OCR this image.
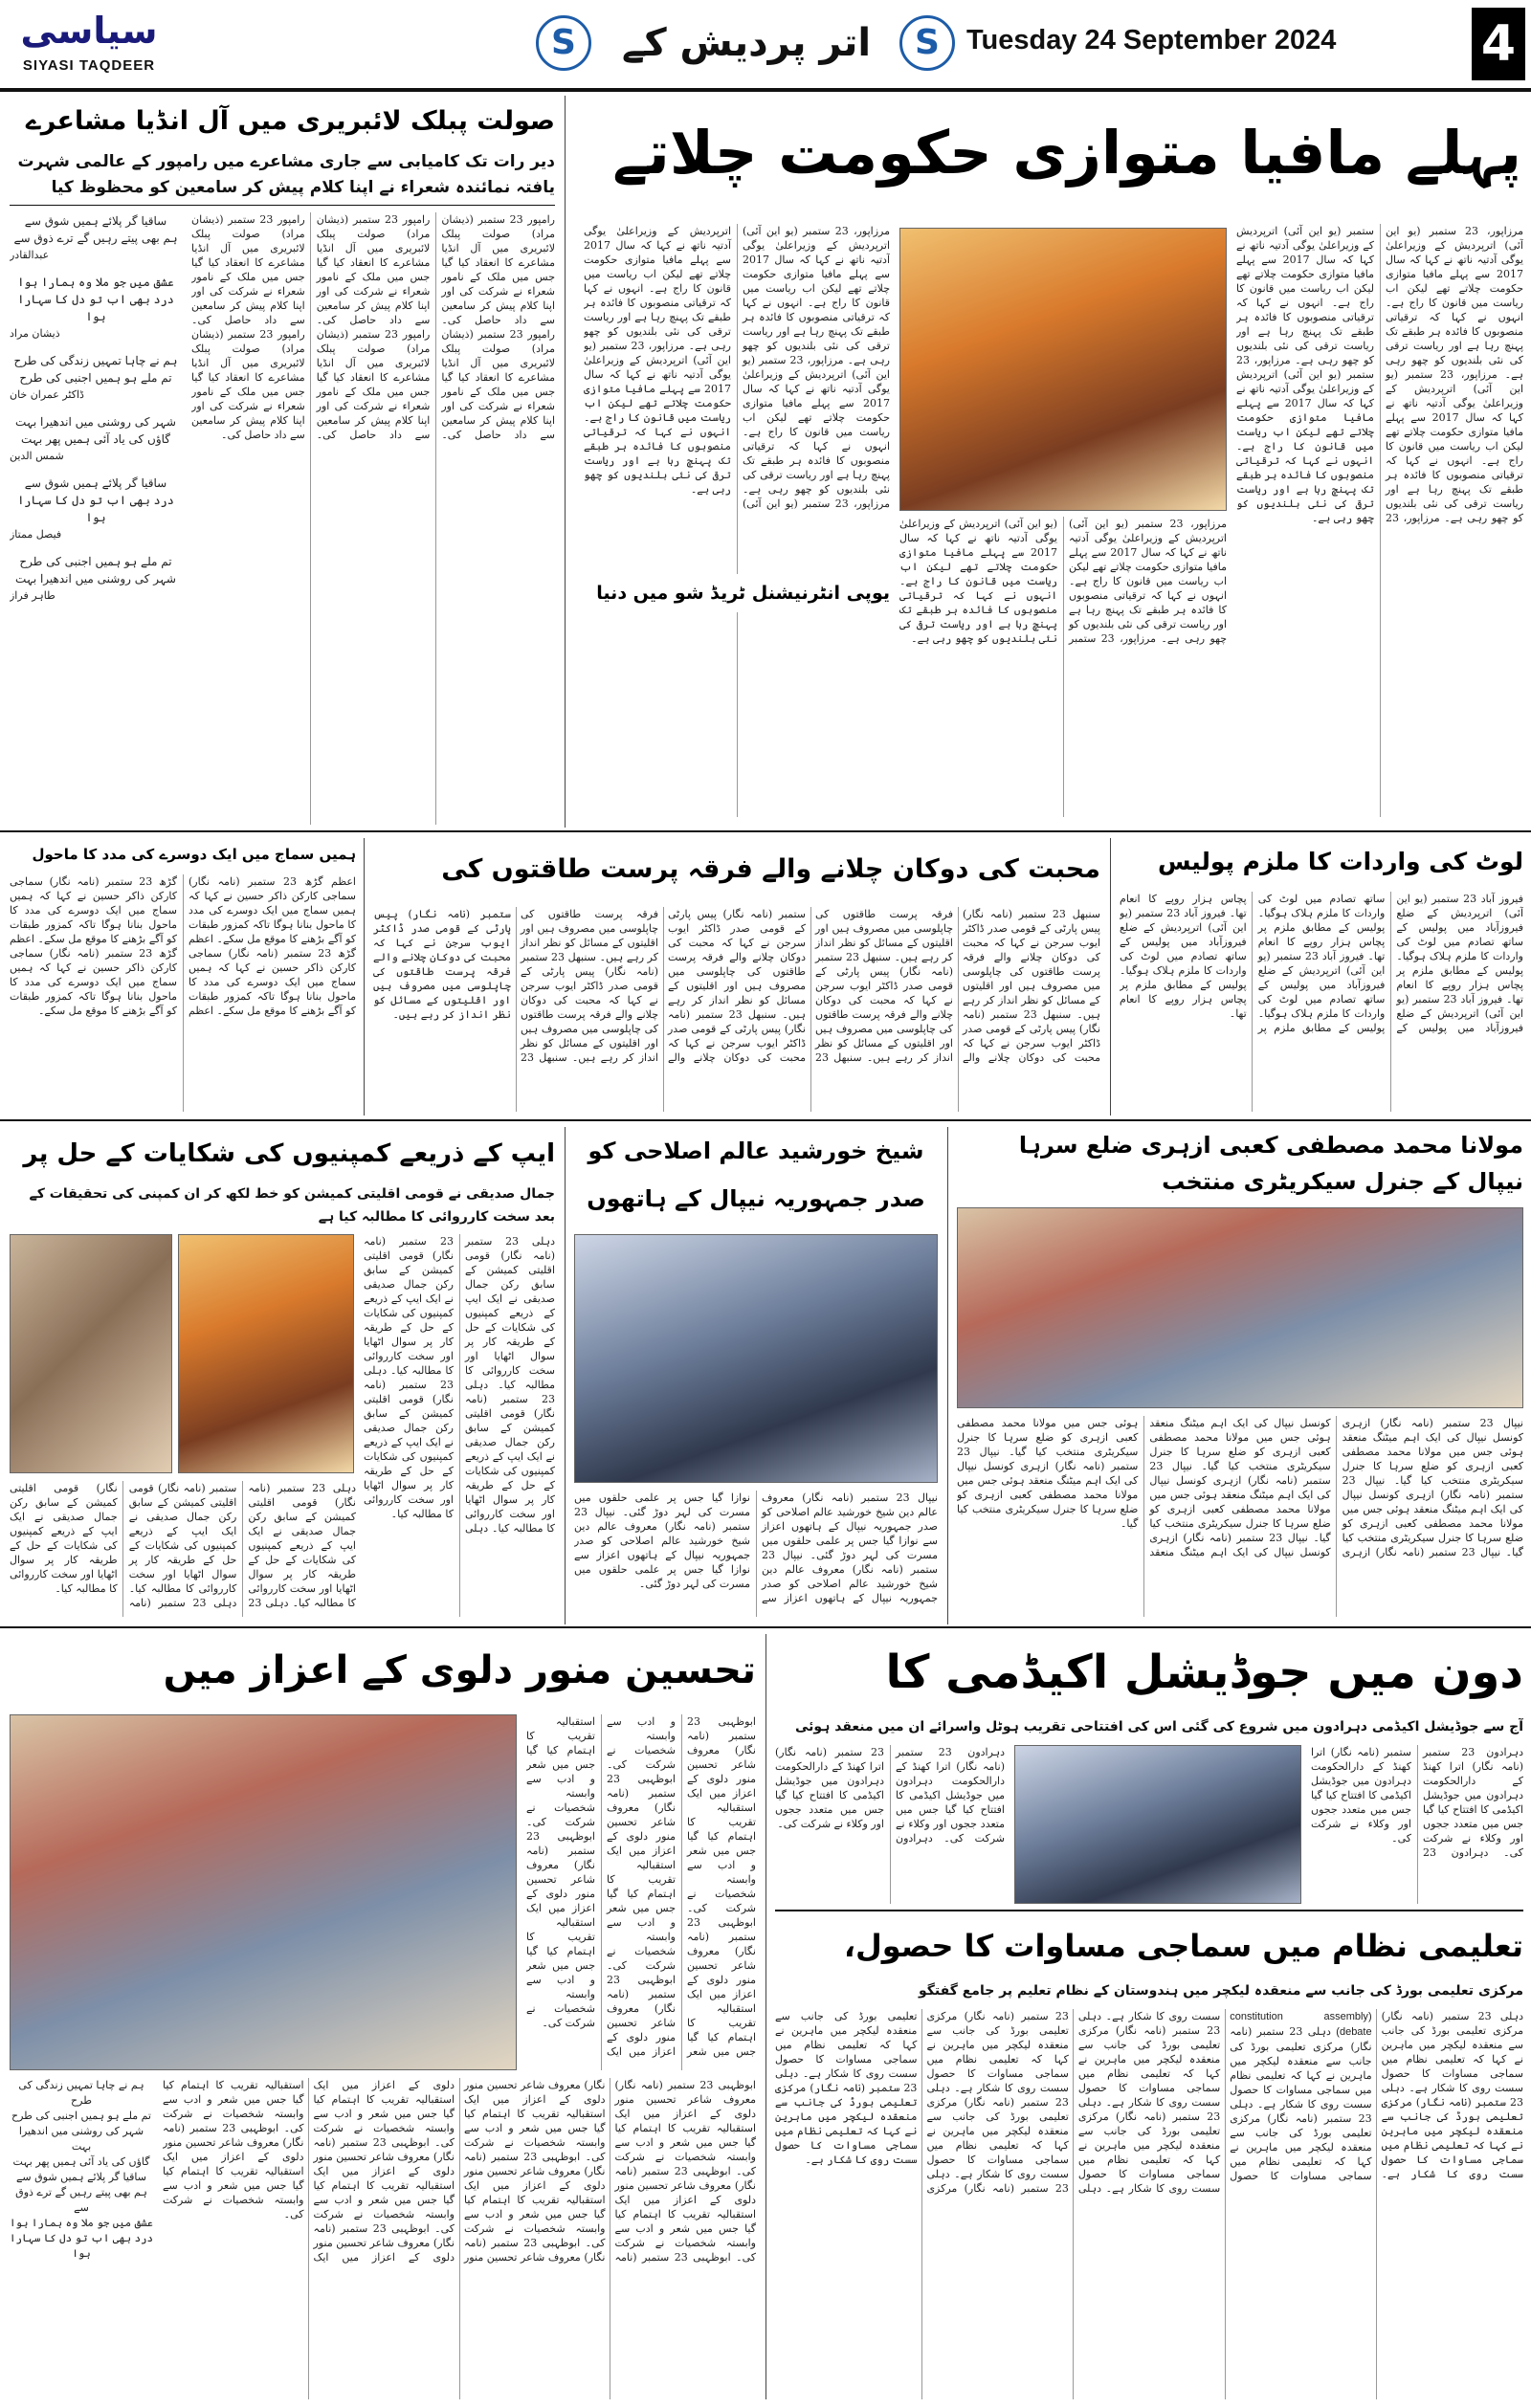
4
Tuesday 24 September 2024
S
اتر پردیش کے
S
سیاسی
SIYASI TAQDEER
پہلے مافیا متوازی حکومت چلاتے
مرزاپور، 23 ستمبر (یو این آئی) اترپردیش کے وزیراعلیٰ یوگی آدتیہ ناتھ نے کہا کہ سال 2017 سے پہلے مافیا متوازی حکومت چلاتے تھے لیکن اب ریاست میں قانون کا راج ہے۔ انہوں نے کہا کہ ترقیاتی منصوبوں کا فائدہ ہر طبقے تک پہنچ رہا ہے اور ریاست ترقی کی نئی بلندیوں کو چھو رہی ہے۔ مرزاپور، 23 ستمبر (یو این آئی) اترپردیش کے وزیراعلیٰ یوگی آدتیہ ناتھ نے کہا کہ سال 2017 سے پہلے مافیا متوازی حکومت چلاتے تھے لیکن اب ریاست میں قانون کا راج ہے۔ انہوں نے کہا کہ ترقیاتی منصوبوں کا فائدہ ہر طبقے تک پہنچ رہا ہے اور ریاست ترقی کی نئی بلندیوں کو چھو رہی ہے۔ مرزاپور، 23 ستمبر (یو این آئی) اترپردیش کے وزیراعلیٰ یوگی آدتیہ ناتھ نے کہا کہ سال 2017 سے پہلے مافیا متوازی حکومت چلاتے تھے لیکن اب ریاست میں قانون کا راج ہے۔ انہوں نے کہا کہ ترقیاتی منصوبوں کا فائدہ ہر طبقے تک پہنچ رہا ہے اور ریاست ترقی کی نئی بلندیوں کو چھو رہی ہے۔ مرزاپور، 23 ستمبر (یو این آئی) اترپردیش کے وزیراعلیٰ یوگی آدتیہ ناتھ نے کہا کہ سال 2017 سے پہلے مافیا متوازی حکومت چلاتے تھے لیکن اب ریاست میں قانون کا راج ہے۔ انہوں نے کہا کہ ترقیاتی منصوبوں کا فائدہ ہر طبقے تک پہنچ رہا ہے اور ریاست ترقی کی نئی بلندیوں کو چھو رہی ہے۔
مرزاپور، 23 ستمبر (یو این آئی) اترپردیش کے وزیراعلیٰ یوگی آدتیہ ناتھ نے کہا کہ سال 2017 سے پہلے مافیا متوازی حکومت چلاتے تھے لیکن اب ریاست میں قانون کا راج ہے۔ انہوں نے کہا کہ ترقیاتی منصوبوں کا فائدہ ہر طبقے تک پہنچ رہا ہے اور ریاست ترقی کی نئی بلندیوں کو چھو رہی ہے۔ مرزاپور، 23 ستمبر (یو این آئی) اترپردیش کے وزیراعلیٰ یوگی آدتیہ ناتھ نے کہا کہ سال 2017 سے پہلے مافیا متوازی حکومت چلاتے تھے لیکن اب ریاست میں قانون کا راج ہے۔ انہوں نے کہا کہ ترقیاتی منصوبوں کا فائدہ ہر طبقے تک پہنچ رہا ہے اور ریاست ترقی کی نئی بلندیوں کو چھو رہی ہے۔ مرزاپور، 23 ستمبر (یو این آئی) اترپردیش کے وزیراعلیٰ یوگی آدتیہ ناتھ نے کہا کہ سال 2017 سے پہلے مافیا متوازی حکومت چلاتے تھے لیکن اب ریاست میں قانون کا راج ہے۔ انہوں نے کہا کہ ترقیاتی منصوبوں کا فائدہ ہر طبقے تک پہنچ رہا ہے اور ریاست ترقی کی نئی بلندیوں کو چھو رہی ہے۔ مرزاپور، 23 ستمبر (یو این آئی) اترپردیش کے وزیراعلیٰ یوگی آدتیہ ناتھ نے کہا کہ سال 2017 سے پہلے مافیا متوازی حکومت چلاتے تھے لیکن اب ریاست میں قانون کا راج ہے۔ انہوں نے کہا کہ ترقیاتی منصوبوں کا فائدہ ہر طبقے تک پہنچ رہا ہے اور ریاست ترقی کی نئی بلندیوں کو چھو رہی ہے۔
مرزاپور، 23 ستمبر (یو این آئی) اترپردیش کے وزیراعلیٰ یوگی آدتیہ ناتھ نے کہا کہ سال 2017 سے پہلے مافیا متوازی حکومت چلاتے تھے لیکن اب ریاست میں قانون کا راج ہے۔ انہوں نے کہا کہ ترقیاتی منصوبوں کا فائدہ ہر طبقے تک پہنچ رہا ہے اور ریاست ترقی کی نئی بلندیوں کو چھو رہی ہے۔ مرزاپور، 23 ستمبر (یو این آئی) اترپردیش کے وزیراعلیٰ یوگی آدتیہ ناتھ نے کہا کہ سال 2017 سے پہلے مافیا متوازی حکومت چلاتے تھے لیکن اب ریاست میں قانون کا راج ہے۔ انہوں نے کہا کہ ترقیاتی منصوبوں کا فائدہ ہر طبقے تک پہنچ رہا ہے اور ریاست ترقی کی نئی بلندیوں کو چھو رہی ہے۔
صولت پبلک لائبریری میں آل انڈیا مشاعرے
دیر رات تک کامیابی سے جاری مشاعرے میں رامپور کے عالمی شہرت یافتہ نمائندہ شعراء نے اپنا کلام پیش کر سامعین کو محظوظ کیا
رامپور 23 ستمبر (ذیشان مراد) صولت پبلک لائبریری میں آل انڈیا مشاعرے کا انعقاد کیا گیا جس میں ملک کے نامور شعراء نے شرکت کی اور اپنا کلام پیش کر سامعین سے داد حاصل کی۔ رامپور 23 ستمبر (ذیشان مراد) صولت پبلک لائبریری میں آل انڈیا مشاعرے کا انعقاد کیا گیا جس میں ملک کے نامور شعراء نے شرکت کی اور اپنا کلام پیش کر سامعین سے داد حاصل کی۔ رامپور 23 ستمبر (ذیشان مراد) صولت پبلک لائبریری میں آل انڈیا مشاعرے کا انعقاد کیا گیا جس میں ملک کے نامور شعراء نے شرکت کی اور اپنا کلام پیش کر سامعین سے داد حاصل کی۔ رامپور 23 ستمبر (ذیشان مراد) صولت پبلک لائبریری میں آل انڈیا مشاعرے کا انعقاد کیا گیا جس میں ملک کے نامور شعراء نے شرکت کی اور اپنا کلام پیش کر سامعین سے داد حاصل کی۔ رامپور 23 ستمبر (ذیشان مراد) صولت پبلک لائبریری میں آل انڈیا مشاعرے کا انعقاد کیا گیا جس میں ملک کے نامور شعراء نے شرکت کی اور اپنا کلام پیش کر سامعین سے داد حاصل کی۔ رامپور 23 ستمبر (ذیشان مراد) صولت پبلک لائبریری میں آل انڈیا مشاعرے کا انعقاد کیا گیا جس میں ملک کے نامور شعراء نے شرکت کی اور اپنا کلام پیش کر سامعین سے داد حاصل کی۔
ساقیا گر پلائے ہمیں شوق سے
ہم بھی پیتے رہیں گے ترے ذوق سے
عبدالقادر
عشق میں جو ملا وہ ہمارا ہوا
درد بھی اب تو دل کا سہارا ہوا
ذیشان مراد
ہم نے چاہا تمہیں زندگی کی طرح
تم ملے ہو ہمیں اجنبی کی طرح
ڈاکٹر عمران خان
شہر کی روشنی میں اندھیرا بہت
گاؤں کی یاد آئی ہمیں پھر بہت
شمس الدین
ساقیا گر پلائے ہمیں شوق سے
درد بھی اب تو دل کا سہارا ہوا
فیصل ممتاز
تم ملے ہو ہمیں اجنبی کی طرح
شہر کی روشنی میں اندھیرا بہت
طاہر فراز	یوپی انٹرنیشنل ٹریڈ شو میں دنیا
لوٹ کی واردات کا ملزم پولیس
فیروز آباد 23 ستمبر (یو این آئی) اترپردیش کے ضلع فیروزآباد میں پولیس کے ساتھ تصادم میں لوٹ کی واردات کا ملزم ہلاک ہوگیا۔ پولیس کے مطابق ملزم پر پچاس ہزار روپے کا انعام تھا۔ فیروز آباد 23 ستمبر (یو این آئی) اترپردیش کے ضلع فیروزآباد میں پولیس کے ساتھ تصادم میں لوٹ کی واردات کا ملزم ہلاک ہوگیا۔ پولیس کے مطابق ملزم پر پچاس ہزار روپے کا انعام تھا۔ فیروز آباد 23 ستمبر (یو این آئی) اترپردیش کے ضلع فیروزآباد میں پولیس کے ساتھ تصادم میں لوٹ کی واردات کا ملزم ہلاک ہوگیا۔ پولیس کے مطابق ملزم پر پچاس ہزار روپے کا انعام تھا۔ فیروز آباد 23 ستمبر (یو این آئی) اترپردیش کے ضلع فیروزآباد میں پولیس کے ساتھ تصادم میں لوٹ کی واردات کا ملزم ہلاک ہوگیا۔ پولیس کے مطابق ملزم پر پچاس ہزار روپے کا انعام تھا۔
محبت کی دوکان چلانے والے فرقہ پرست طاقتوں کی
سنبھل 23 ستمبر (نامہ نگار) پیس پارٹی کے قومی صدر ڈاکٹر ایوب سرجن نے کہا کہ محبت کی دوکان چلانے والے فرقہ پرست طاقتوں کی چاپلوسی میں مصروف ہیں اور اقلیتوں کے مسائل کو نظر انداز کر رہے ہیں۔ سنبھل 23 ستمبر (نامہ نگار) پیس پارٹی کے قومی صدر ڈاکٹر ایوب سرجن نے کہا کہ محبت کی دوکان چلانے والے فرقہ پرست طاقتوں کی چاپلوسی میں مصروف ہیں اور اقلیتوں کے مسائل کو نظر انداز کر رہے ہیں۔ سنبھل 23 ستمبر (نامہ نگار) پیس پارٹی کے قومی صدر ڈاکٹر ایوب سرجن نے کہا کہ محبت کی دوکان چلانے والے فرقہ پرست طاقتوں کی چاپلوسی میں مصروف ہیں اور اقلیتوں کے مسائل کو نظر انداز کر رہے ہیں۔ سنبھل 23 ستمبر (نامہ نگار) پیس پارٹی کے قومی صدر ڈاکٹر ایوب سرجن نے کہا کہ محبت کی دوکان چلانے والے فرقہ پرست طاقتوں کی چاپلوسی میں مصروف ہیں اور اقلیتوں کے مسائل کو نظر انداز کر رہے ہیں۔ سنبھل 23 ستمبر (نامہ نگار) پیس پارٹی کے قومی صدر ڈاکٹر ایوب سرجن نے کہا کہ محبت کی دوکان چلانے والے فرقہ پرست طاقتوں کی چاپلوسی میں مصروف ہیں اور اقلیتوں کے مسائل کو نظر انداز کر رہے ہیں۔ سنبھل 23 ستمبر (نامہ نگار) پیس پارٹی کے قومی صدر ڈاکٹر ایوب سرجن نے کہا کہ محبت کی دوکان چلانے والے فرقہ پرست طاقتوں کی چاپلوسی میں مصروف ہیں اور اقلیتوں کے مسائل کو نظر انداز کر رہے ہیں۔ سنبھل 23 ستمبر (نامہ نگار) پیس پارٹی کے قومی صدر ڈاکٹر ایوب سرجن نے کہا کہ محبت کی دوکان چلانے والے فرقہ پرست طاقتوں کی چاپلوسی میں مصروف ہیں اور اقلیتوں کے مسائل کو نظر انداز کر رہے ہیں۔
ہمیں سماج میں ایک دوسرے کی مدد کا ماحول
اعظم گڑھ 23 ستمبر (نامہ نگار) سماجی کارکن ذاکر حسین نے کہا کہ ہمیں سماج میں ایک دوسرے کی مدد کا ماحول بنانا ہوگا تاکہ کمزور طبقات کو آگے بڑھنے کا موقع مل سکے۔ اعظم گڑھ 23 ستمبر (نامہ نگار) سماجی کارکن ذاکر حسین نے کہا کہ ہمیں سماج میں ایک دوسرے کی مدد کا ماحول بنانا ہوگا تاکہ کمزور طبقات کو آگے بڑھنے کا موقع مل سکے۔ اعظم گڑھ 23 ستمبر (نامہ نگار) سماجی کارکن ذاکر حسین نے کہا کہ ہمیں سماج میں ایک دوسرے کی مدد کا ماحول بنانا ہوگا تاکہ کمزور طبقات کو آگے بڑھنے کا موقع مل سکے۔ اعظم گڑھ 23 ستمبر (نامہ نگار) سماجی کارکن ذاکر حسین نے کہا کہ ہمیں سماج میں ایک دوسرے کی مدد کا ماحول بنانا ہوگا تاکہ کمزور طبقات کو آگے بڑھنے کا موقع مل سکے۔
مولانا محمد مصطفی کعبی ازہری ضلع سرہا نیپال کے جنرل سیکریٹری منتخب
نیپال 23 ستمبر (نامہ نگار) ازہری کونسل نیپال کی ایک اہم میٹنگ منعقد ہوئی جس میں مولانا محمد مصطفی کعبی ازہری کو ضلع سرہا کا جنرل سیکریٹری منتخب کیا گیا۔ نیپال 23 ستمبر (نامہ نگار) ازہری کونسل نیپال کی ایک اہم میٹنگ منعقد ہوئی جس میں مولانا محمد مصطفی کعبی ازہری کو ضلع سرہا کا جنرل سیکریٹری منتخب کیا گیا۔ نیپال 23 ستمبر (نامہ نگار) ازہری کونسل نیپال کی ایک اہم میٹنگ منعقد ہوئی جس میں مولانا محمد مصطفی کعبی ازہری کو ضلع سرہا کا جنرل سیکریٹری منتخب کیا گیا۔ نیپال 23 ستمبر (نامہ نگار) ازہری کونسل نیپال کی ایک اہم میٹنگ منعقد ہوئی جس میں مولانا محمد مصطفی کعبی ازہری کو ضلع سرہا کا جنرل سیکریٹری منتخب کیا گیا۔ نیپال 23 ستمبر (نامہ نگار) ازہری کونسل نیپال کی ایک اہم میٹنگ منعقد ہوئی جس میں مولانا محمد مصطفی کعبی ازہری کو ضلع سرہا کا جنرل سیکریٹری منتخب کیا گیا۔ نیپال 23 ستمبر (نامہ نگار) ازہری کونسل نیپال کی ایک اہم میٹنگ منعقد ہوئی جس میں مولانا محمد مصطفی کعبی ازہری کو ضلع سرہا کا جنرل سیکریٹری منتخب کیا گیا۔
شیخ خورشید عالم اصلاحی کو صدر جمہوریہ نیپال کے ہاتھوں
نیپال 23 ستمبر (نامہ نگار) معروف عالم دین شیخ خورشید عالم اصلاحی کو صدر جمہوریہ نیپال کے ہاتھوں اعزاز سے نوازا گیا جس پر علمی حلقوں میں مسرت کی لہر دوڑ گئی۔ نیپال 23 ستمبر (نامہ نگار) معروف عالم دین شیخ خورشید عالم اصلاحی کو صدر جمہوریہ نیپال کے ہاتھوں اعزاز سے نوازا گیا جس پر علمی حلقوں میں مسرت کی لہر دوڑ گئی۔ نیپال 23 ستمبر (نامہ نگار) معروف عالم دین شیخ خورشید عالم اصلاحی کو صدر جمہوریہ نیپال کے ہاتھوں اعزاز سے نوازا گیا جس پر علمی حلقوں میں مسرت کی لہر دوڑ گئی۔
ایپ کے ذریعے کمپنیوں کی شکایات کے حل پر
جمال صدیقی نے قومی اقلیتی کمیشن کو خط لکھ کر ان کمپنی کی تحقیقات کے بعد سخت کارروائی کا مطالبہ کیا ہے
دہلی 23 ستمبر (نامہ نگار) قومی اقلیتی کمیشن کے سابق رکن جمال صدیقی نے ایک ایپ کے ذریعے کمپنیوں کی شکایات کے حل کے طریقہ کار پر سوال اٹھایا اور سخت کارروائی کا مطالبہ کیا۔ دہلی 23 ستمبر (نامہ نگار) قومی اقلیتی کمیشن کے سابق رکن جمال صدیقی نے ایک ایپ کے ذریعے کمپنیوں کی شکایات کے حل کے طریقہ کار پر سوال اٹھایا اور سخت کارروائی کا مطالبہ کیا۔ دہلی 23 ستمبر (نامہ نگار) قومی اقلیتی کمیشن کے سابق رکن جمال صدیقی نے ایک ایپ کے ذریعے کمپنیوں کی شکایات کے حل کے طریقہ کار پر سوال اٹھایا اور سخت کارروائی کا مطالبہ کیا۔ دہلی 23 ستمبر (نامہ نگار) قومی اقلیتی کمیشن کے سابق رکن جمال صدیقی نے ایک ایپ کے ذریعے کمپنیوں کی شکایات کے حل کے طریقہ کار پر سوال اٹھایا اور سخت کارروائی کا مطالبہ کیا۔
دہلی 23 ستمبر (نامہ نگار) قومی اقلیتی کمیشن کے سابق رکن جمال صدیقی نے ایک ایپ کے ذریعے کمپنیوں کی شکایات کے حل کے طریقہ کار پر سوال اٹھایا اور سخت کارروائی کا مطالبہ کیا۔ دہلی 23 ستمبر (نامہ نگار) قومی اقلیتی کمیشن کے سابق رکن جمال صدیقی نے ایک ایپ کے ذریعے کمپنیوں کی شکایات کے حل کے طریقہ کار پر سوال اٹھایا اور سخت کارروائی کا مطالبہ کیا۔ دہلی 23 ستمبر (نامہ نگار) قومی اقلیتی کمیشن کے سابق رکن جمال صدیقی نے ایک ایپ کے ذریعے کمپنیوں کی شکایات کے حل کے طریقہ کار پر سوال اٹھایا اور سخت کارروائی کا مطالبہ کیا۔
دون میں جوڈیشل اکیڈمی کا
آج سے جوڈیشل اکیڈمی دہرادون میں شروع کی گئی اس کی افتتاحی تقریب ہوٹل واسرائے ان میں منعقد ہوئی
دہرادون 23 ستمبر (نامہ نگار) اترا کھنڈ کے دارالحکومت دہرادون میں جوڈیشل اکیڈمی کا افتتاح کیا گیا جس میں متعدد ججوں اور وکلاء نے شرکت کی۔ دہرادون 23 ستمبر (نامہ نگار) اترا کھنڈ کے دارالحکومت دہرادون میں جوڈیشل اکیڈمی کا افتتاح کیا گیا جس میں متعدد ججوں اور وکلاء نے شرکت کی۔
دہرادون 23 ستمبر (نامہ نگار) اترا کھنڈ کے دارالحکومت دہرادون میں جوڈیشل اکیڈمی کا افتتاح کیا گیا جس میں متعدد ججوں اور وکلاء نے شرکت کی۔ دہرادون 23 ستمبر (نامہ نگار) اترا کھنڈ کے دارالحکومت دہرادون میں جوڈیشل اکیڈمی کا افتتاح کیا گیا جس میں متعدد ججوں اور وکلاء نے شرکت کی۔
تحسین منور دلوی کے اعزاز میں
ابوظہبی 23 ستمبر (نامہ نگار) معروف شاعر تحسین منور دلوی کے اعزاز میں ایک استقبالیہ تقریب کا اہتمام کیا گیا جس میں شعر و ادب سے وابستہ شخصیات نے شرکت کی۔ ابوظہبی 23 ستمبر (نامہ نگار) معروف شاعر تحسین منور دلوی کے اعزاز میں ایک استقبالیہ تقریب کا اہتمام کیا گیا جس میں شعر و ادب سے وابستہ شخصیات نے شرکت کی۔ ابوظہبی 23 ستمبر (نامہ نگار) معروف شاعر تحسین منور دلوی کے اعزاز میں ایک استقبالیہ تقریب کا اہتمام کیا گیا جس میں شعر و ادب سے وابستہ شخصیات نے شرکت کی۔ ابوظہبی 23 ستمبر (نامہ نگار) معروف شاعر تحسین منور دلوی کے اعزاز میں ایک استقبالیہ تقریب کا اہتمام کیا گیا جس میں شعر و ادب سے وابستہ شخصیات نے شرکت کی۔ ابوظہبی 23 ستمبر (نامہ نگار) معروف شاعر تحسین منور دلوی کے اعزاز میں ایک استقبالیہ تقریب کا اہتمام کیا گیا جس میں شعر و ادب سے وابستہ شخصیات نے شرکت کی۔
ابوظہبی 23 ستمبر (نامہ نگار) معروف شاعر تحسین منور دلوی کے اعزاز میں ایک استقبالیہ تقریب کا اہتمام کیا گیا جس میں شعر و ادب سے وابستہ شخصیات نے شرکت کی۔ ابوظہبی 23 ستمبر (نامہ نگار) معروف شاعر تحسین منور دلوی کے اعزاز میں ایک استقبالیہ تقریب کا اہتمام کیا گیا جس میں شعر و ادب سے وابستہ شخصیات نے شرکت کی۔ ابوظہبی 23 ستمبر (نامہ نگار) معروف شاعر تحسین منور دلوی کے اعزاز میں ایک استقبالیہ تقریب کا اہتمام کیا گیا جس میں شعر و ادب سے وابستہ شخصیات نے شرکت کی۔ ابوظہبی 23 ستمبر (نامہ نگار) معروف شاعر تحسین منور دلوی کے اعزاز میں ایک استقبالیہ تقریب کا اہتمام کیا گیا جس میں شعر و ادب سے وابستہ شخصیات نے شرکت کی۔ ابوظہبی 23 ستمبر (نامہ نگار) معروف شاعر تحسین منور دلوی کے اعزاز میں ایک استقبالیہ تقریب کا اہتمام کیا گیا جس میں شعر و ادب سے وابستہ شخصیات نے شرکت کی۔ ابوظہبی 23 ستمبر (نامہ نگار) معروف شاعر تحسین منور دلوی کے اعزاز میں ایک استقبالیہ تقریب کا اہتمام کیا گیا جس میں شعر و ادب سے وابستہ شخصیات نے شرکت کی۔ ابوظہبی 23 ستمبر (نامہ نگار) معروف شاعر تحسین منور دلوی کے اعزاز میں ایک استقبالیہ تقریب کا اہتمام کیا گیا جس میں شعر و ادب سے وابستہ شخصیات نے شرکت کی۔ ابوظہبی 23 ستمبر (نامہ نگار) معروف شاعر تحسین منور دلوی کے اعزاز میں ایک استقبالیہ تقریب کا اہتمام کیا گیا جس میں شعر و ادب سے وابستہ شخصیات نے شرکت کی۔
ہم نے چاہا تمہیں زندگی کی طرح
تم ملے ہو ہمیں اجنبی کی طرح
شہر کی روشنی میں اندھیرا بہت
گاؤں کی یاد آئی ہمیں پھر بہت
ساقیا گر پلائے ہمیں شوق سے
ہم بھی پیتے رہیں گے ترے ذوق سے
عشق میں جو ملا وہ ہمارا ہوا
درد بھی اب تو دل کا سہارا ہوا
تعلیمی نظام میں سماجی مساوات کا حصول،
مرکزی تعلیمی بورڈ کی جانب سے منعقدہ لیکچر میں ہندوستان کے نظام تعلیم پر جامع گفتگو
دہلی 23 ستمبر (نامہ نگار) مرکزی تعلیمی بورڈ کی جانب سے منعقدہ لیکچر میں ماہرین نے کہا کہ تعلیمی نظام میں سماجی مساوات کا حصول سست روی کا شکار ہے۔ دہلی 23 ستمبر (نامہ نگار) مرکزی تعلیمی بورڈ کی جانب سے منعقدہ لیکچر میں ماہرین نے کہا کہ تعلیمی نظام میں سماجی مساوات کا حصول سست روی کا شکار ہے۔ (constitution assembly debate) دہلی 23 ستمبر (نامہ نگار) مرکزی تعلیمی بورڈ کی جانب سے منعقدہ لیکچر میں ماہرین نے کہا کہ تعلیمی نظام میں سماجی مساوات کا حصول سست روی کا شکار ہے۔ دہلی 23 ستمبر (نامہ نگار) مرکزی تعلیمی بورڈ کی جانب سے منعقدہ لیکچر میں ماہرین نے کہا کہ تعلیمی نظام میں سماجی مساوات کا حصول سست روی کا شکار ہے۔ دہلی 23 ستمبر (نامہ نگار) مرکزی تعلیمی بورڈ کی جانب سے منعقدہ لیکچر میں ماہرین نے کہا کہ تعلیمی نظام میں سماجی مساوات کا حصول سست روی کا شکار ہے۔ دہلی 23 ستمبر (نامہ نگار) مرکزی تعلیمی بورڈ کی جانب سے منعقدہ لیکچر میں ماہرین نے کہا کہ تعلیمی نظام میں سماجی مساوات کا حصول سست روی کا شکار ہے۔ دہلی 23 ستمبر (نامہ نگار) مرکزی تعلیمی بورڈ کی جانب سے منعقدہ لیکچر میں ماہرین نے کہا کہ تعلیمی نظام میں سماجی مساوات کا حصول سست روی کا شکار ہے۔ دہلی 23 ستمبر (نامہ نگار) مرکزی تعلیمی بورڈ کی جانب سے منعقدہ لیکچر میں ماہرین نے کہا کہ تعلیمی نظام میں سماجی مساوات کا حصول سست روی کا شکار ہے۔ دہلی 23 ستمبر (نامہ نگار) مرکزی تعلیمی بورڈ کی جانب سے منعقدہ لیکچر میں ماہرین نے کہا کہ تعلیمی نظام میں سماجی مساوات کا حصول سست روی کا شکار ہے۔ دہلی 23 ستمبر (نامہ نگار) مرکزی تعلیمی بورڈ کی جانب سے منعقدہ لیکچر میں ماہرین نے کہا کہ تعلیمی نظام میں سماجی مساوات کا حصول سست روی کا شکار ہے۔
